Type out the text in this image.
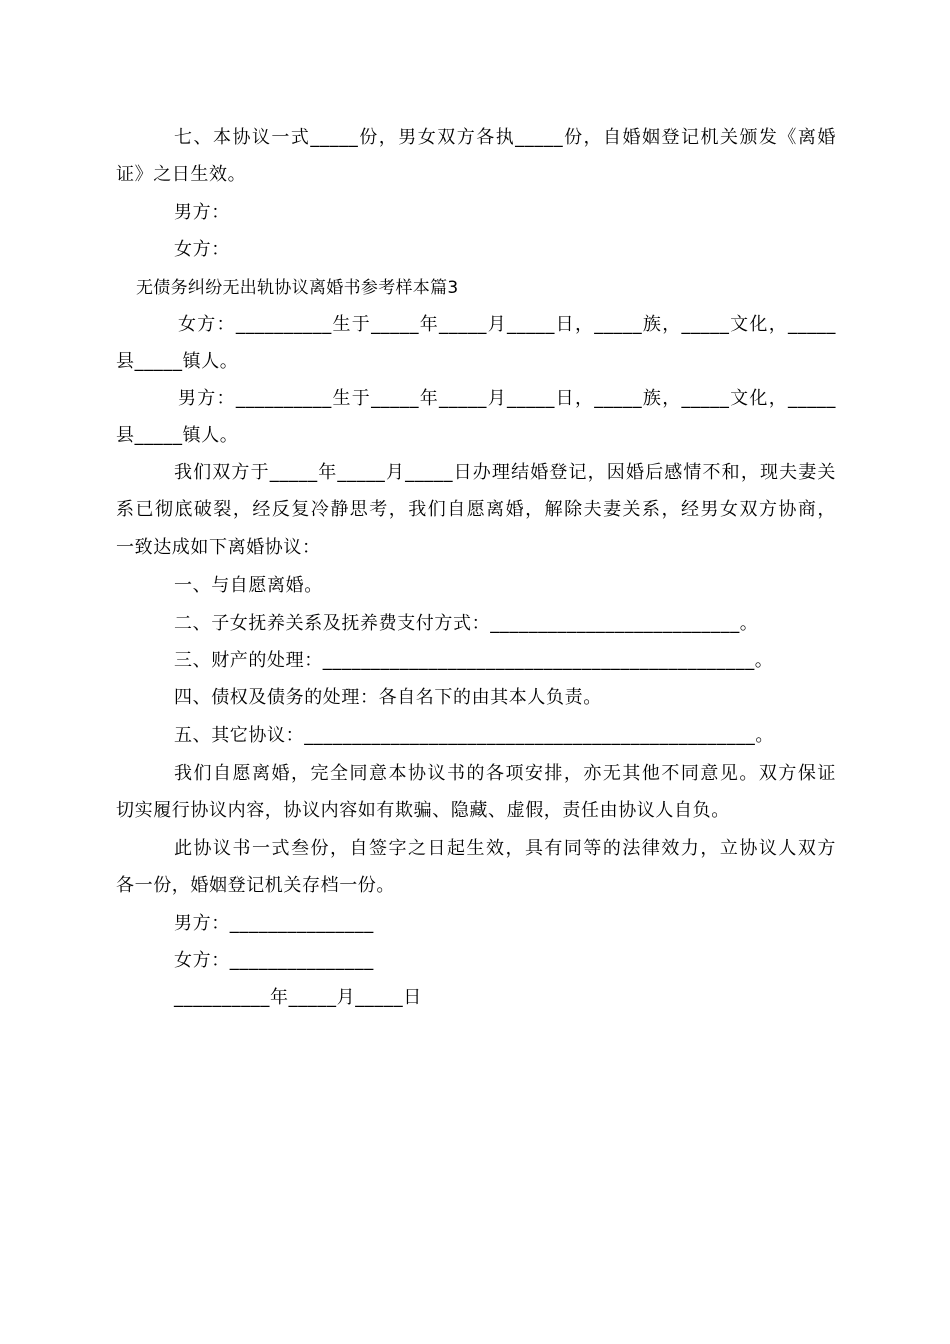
七、本协议一式_____份，男女双方各执_____份，自婚姻登记机关颁发《离婚
证》之日生效。
男方：
女方：
无债务纠纷无出轨协议离婚书参考样本篇3
女方：__________生于_____年_____月_____日，_____族，_____文化，_____
县_____镇人。
男方：__________生于_____年_____月_____日，_____族，_____文化，_____
县_____镇人。
我们双方于_____年_____月_____日办理结婚登记，因婚后感情不和，现夫妻关
系已彻底破裂，经反复冷静思考，我们自愿离婚，解除夫妻关系，经男女双方协商，
一致达成如下离婚协议：
一、与自愿离婚。
二、子女抚养关系及抚养费支付方式：__________________________。
三、财产的处理：_____________________________________________。
四、债权及债务的处理：各自名下的由其本人负责。
五、其它协议：_______________________________________________。
我们自愿离婚，完全同意本协议书的各项安排，亦无其他不同意见。双方保证
切实履行协议内容，协议内容如有欺骗、隐藏、虚假，责任由协议人自负。
此协议书一式叁份，自签字之日起生效，具有同等的法律效力，立协议人双方
各一份，婚姻登记机关存档一份。
男方：_______________
女方：_______________
__________年_____月_____日
